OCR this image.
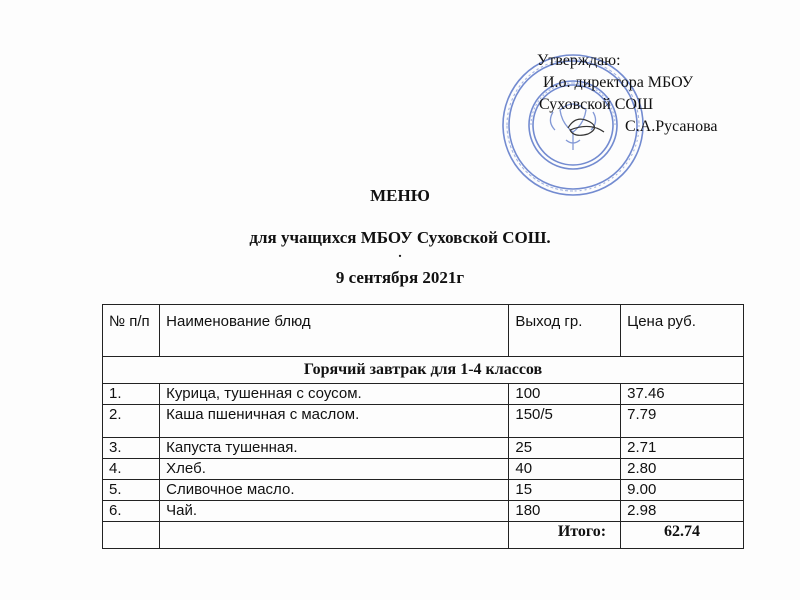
Утверждаю:
И.о. директора МБОУ
Суховской СОШ
С.А.Русанова
МЕНЮ
для учащихся МБОУ Суховской СОШ.
.
9 сентября 2021г
№ п/п	Наименование блюд	Выход гр.	Цена руб.
Горячий завтрак для 1-4 классов			
1.	Курица, тушенная с соусом.	100	37.46
2.	Каша пшеничная с маслом.	150/5	7.79
3.	Капуста тушенная.	25	2.71
4.	Хлеб.	40	2.80
5.	Сливочное масло.	15	9.00
6.	Чай.	180	2.98
		Итого:	62.74
